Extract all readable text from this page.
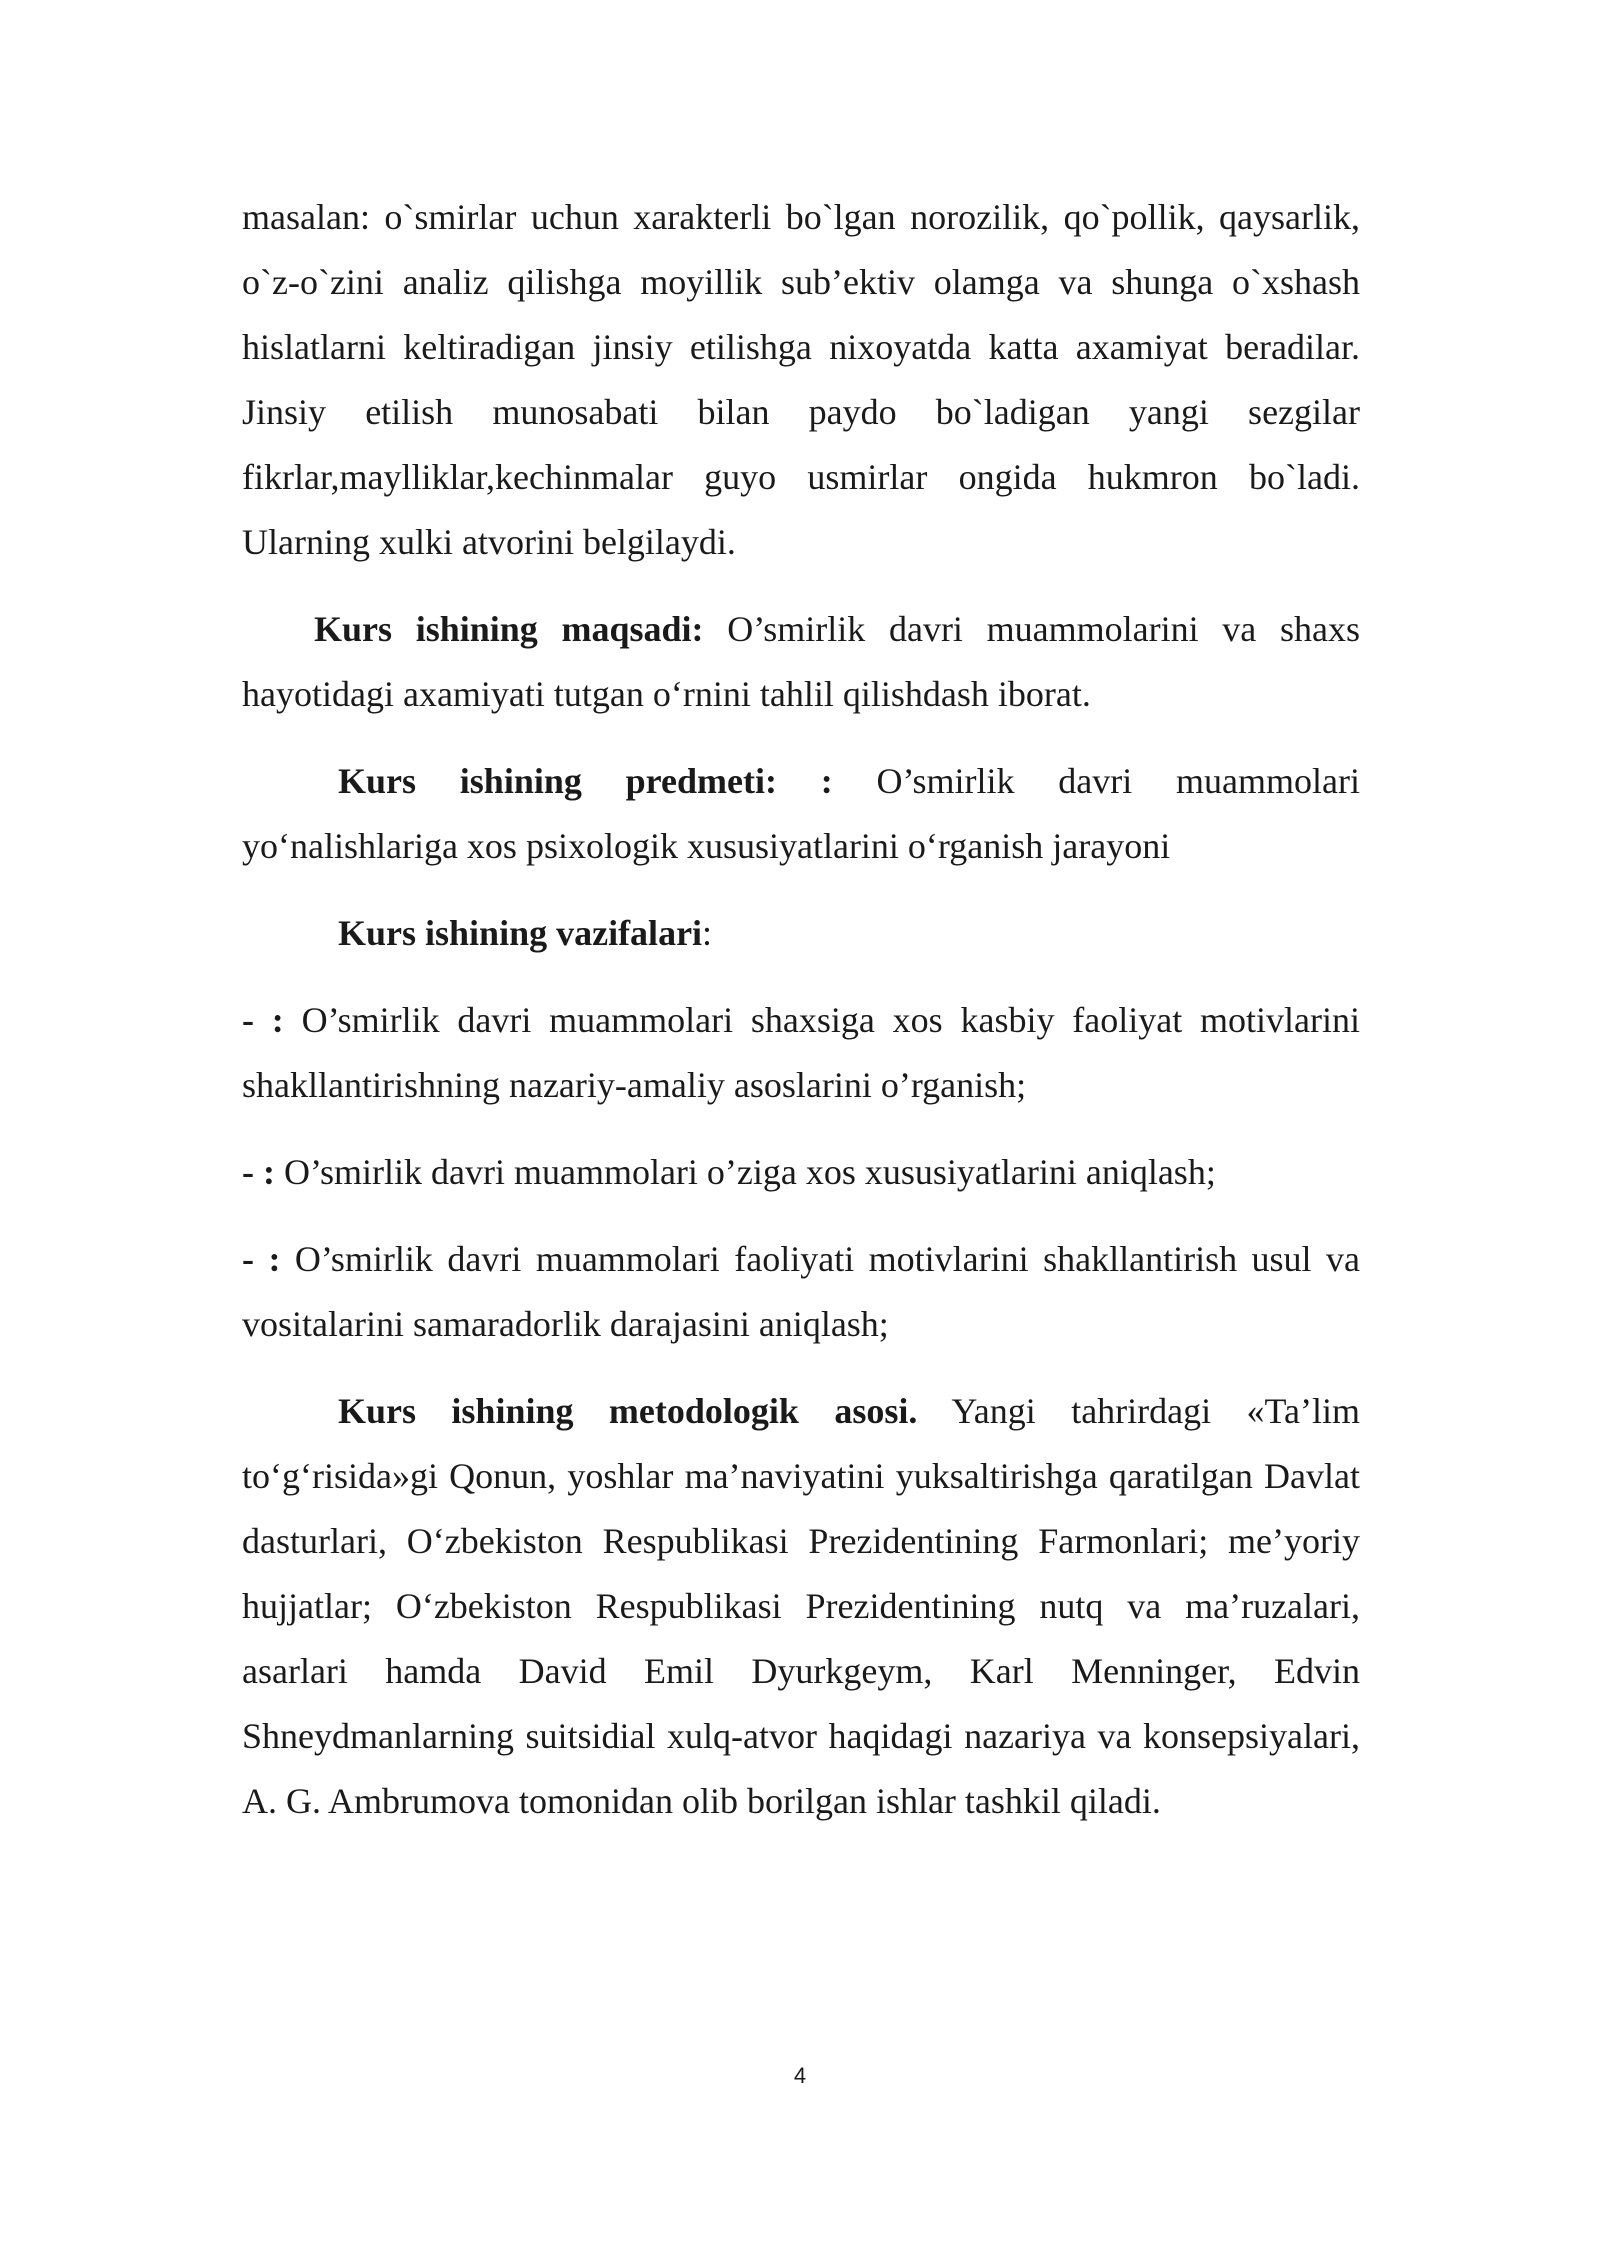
masalan: o`smirlar uchun xarakterli bo`lgan norozilik, qo`pollik, qaysarlik, o`z-o`zini analiz qilishga moyillik sub’ektiv olamga va shunga o`xshash hislatlarni keltiradigan jinsiy etilishga nixoyatda katta axamiyat beradilar. Jinsiy etilish munosabati bilan paydo bo`ladigan yangi sezgilar fikrlar,maylliklar,kechinmalar guyo usmirlar ongida hukmron bo`ladi. Ularning xulki atvorini belgilaydi.

Kurs ishining maqsadi: O’smirlik davri muammolarini va shaxs hayotidagi axamiyati tutgan o‘rnini tahlil qilishdash iborat.

Kurs ishining predmeti: : O’smirlik davri muammolari yo‘nalishlariga xos psixologik xususiyatlarini o‘rganish jarayoni

Kurs ishining vazifalari:

- : O’smirlik davri muammolari shaxsiga xos kasbiy faoliyat motivlarini shakllantirishning nazariy-amaliy asoslarini o’rganish;

- : O’smirlik davri muammolari o’ziga xos xususiyatlarini aniqlash;

- : O’smirlik davri muammolari faoliyati motivlarini shakllantirish usul va vositalarini samaradorlik darajasini aniqlash;

Kurs ishining metodologik asosi. Yangi tahrirdagi «Ta’lim to‘g‘risida»gi Qonun, yoshlar ma’naviyatini yuksaltirishga qaratilgan Davlat dasturlari, O‘zbekiston Respublikasi Prezidentining Farmonlari; me’yoriy hujjatlar; O‘zbekiston Respublikasi Prezidentining nutq va ma’ruzalari, asarlari hamda David Emil Dyurkgeym, Karl Menninger, Edvin Shneydmanlarning suitsidial xulq-atvor haqidagi nazariya va konsepsiyalari, A. G. Ambrumova tomonidan olib borilgan ishlar tashkil qiladi.

4
